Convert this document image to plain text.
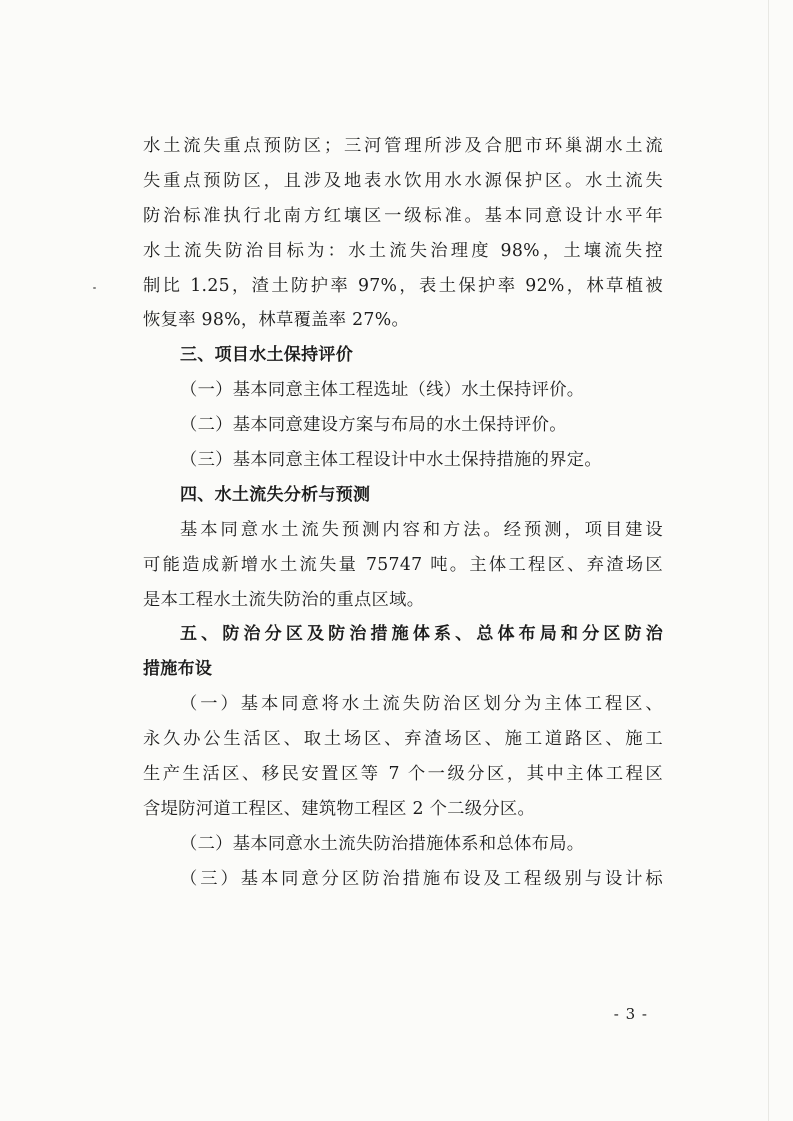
水土流失重点预防区；三河管理所涉及合肥市环巢湖水土流
失重点预防区，且涉及地表水饮用水水源保护区。水土流失
防治标准执行北南方红壤区一级标准。基本同意设计水平年
水土流失防治目标为：水土流失治理度 98%，土壤流失控
制比 1.25，渣土防护率 97%，表土保护率 92%，林草植被
恢复率 98%，林草覆盖率 27%。
三、项目水土保持评价
（一）基本同意主体工程选址（线）水土保持评价。
（二）基本同意建设方案与布局的水土保持评价。
（三）基本同意主体工程设计中水土保持措施的界定。
四、水土流失分析与预测
基本同意水土流失预测内容和方法。经预测，项目建设
可能造成新增水土流失量 75747 吨。主体工程区、弃渣场区
是本工程水土流失防治的重点区域。
五、防治分区及防治措施体系、总体布局和分区防治
措施布设
（一）基本同意将水土流失防治区划分为主体工程区、
永久办公生活区、取土场区、弃渣场区、施工道路区、施工
生产生活区、移民安置区等 7 个一级分区，其中主体工程区
含堤防河道工程区、建筑物工程区 2 个二级分区。
（二）基本同意水土流失防治措施体系和总体布局。
（三）基本同意分区防治措施布设及工程级别与设计标
- 3 -
